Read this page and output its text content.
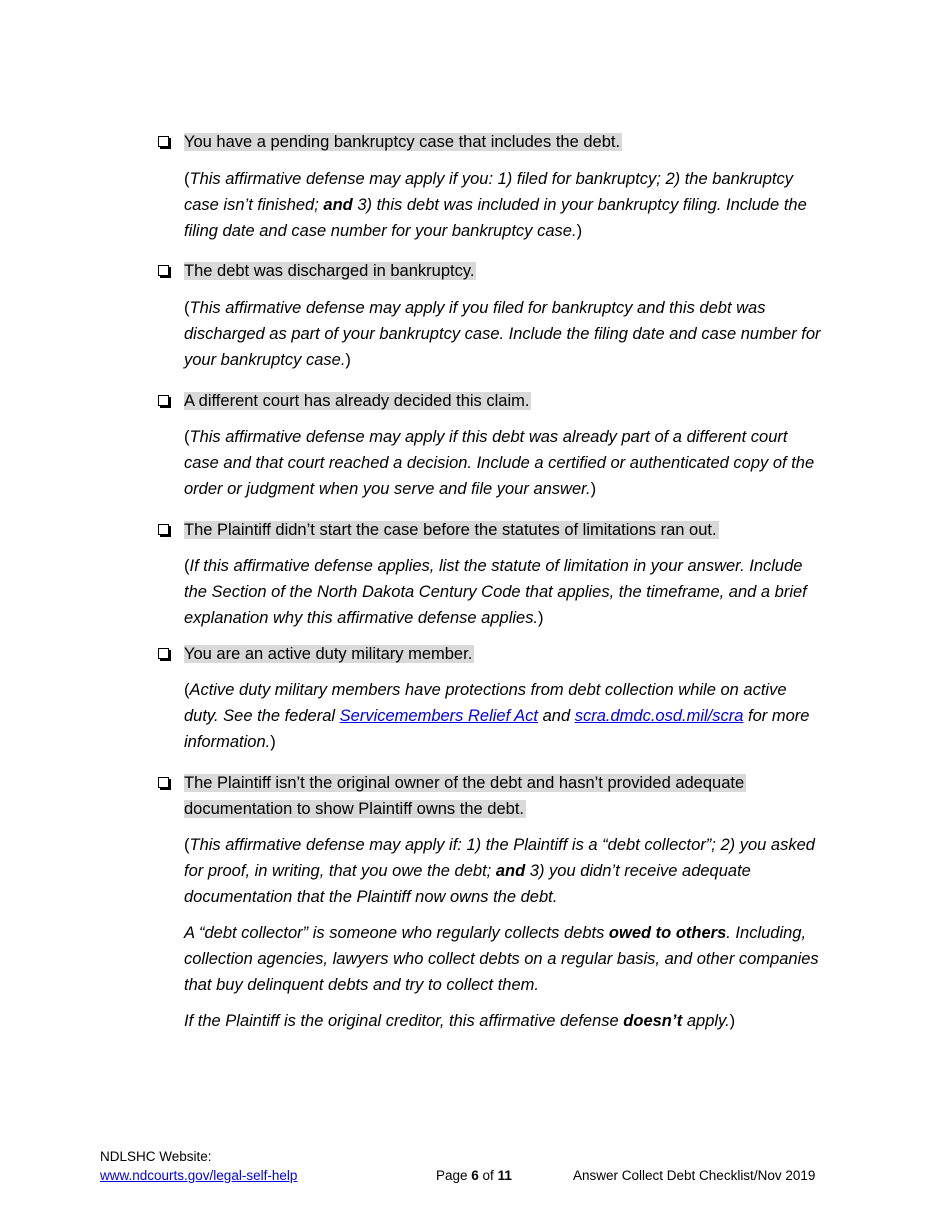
You have a pending bankruptcy case that includes the debt.
(This affirmative defense may apply if you: 1) filed for bankruptcy; 2) the bankruptcy
case isn’t finished; and 3) this debt was included in your bankruptcy filing. Include the
filing date and case number for your bankruptcy case.)
The debt was discharged in bankruptcy.
(This affirmative defense may apply if you filed for bankruptcy and this debt was
discharged as part of your bankruptcy case. Include the filing date and case number for
your bankruptcy case.)
A different court has already decided this claim.
(This affirmative defense may apply if this debt was already part of a different court
case and that court reached a decision. Include a certified or authenticated copy of the
order or judgment when you serve and file your answer.)
The Plaintiff didn’t start the case before the statutes of limitations ran out.
(If this affirmative defense applies, list the statute of limitation in your answer. Include
the Section of the North Dakota Century Code that applies, the timeframe, and a brief
explanation why this affirmative defense applies.)
You are an active duty military member.
(Active duty military members have protections from debt collection while on active
duty. See the federal Servicemembers Relief Act and scra.dmdc.osd.mil/scra for more
information.)
The Plaintiff isn’t the original owner of the debt and hasn’t provided adequate
documentation to show Plaintiff owns the debt.
(This affirmative defense may apply if: 1) the Plaintiff is a “debt collector”; 2) you asked
for proof, in writing, that you owe the debt; and 3) you didn’t receive adequate
documentation that the Plaintiff now owns the debt.
A “debt collector” is someone who regularly collects debts owed to others. Including,
collection agencies, lawyers who collect debts on a regular basis, and other companies
that buy delinquent debts and try to collect them.
If the Plaintiff is the original creditor, this affirmative defense doesn’t apply.)
NDLSHC Website:
www.ndcourts.gov/legal-self-help	Page 6 of 11	Answer Collect Debt Checklist/Nov 2019
